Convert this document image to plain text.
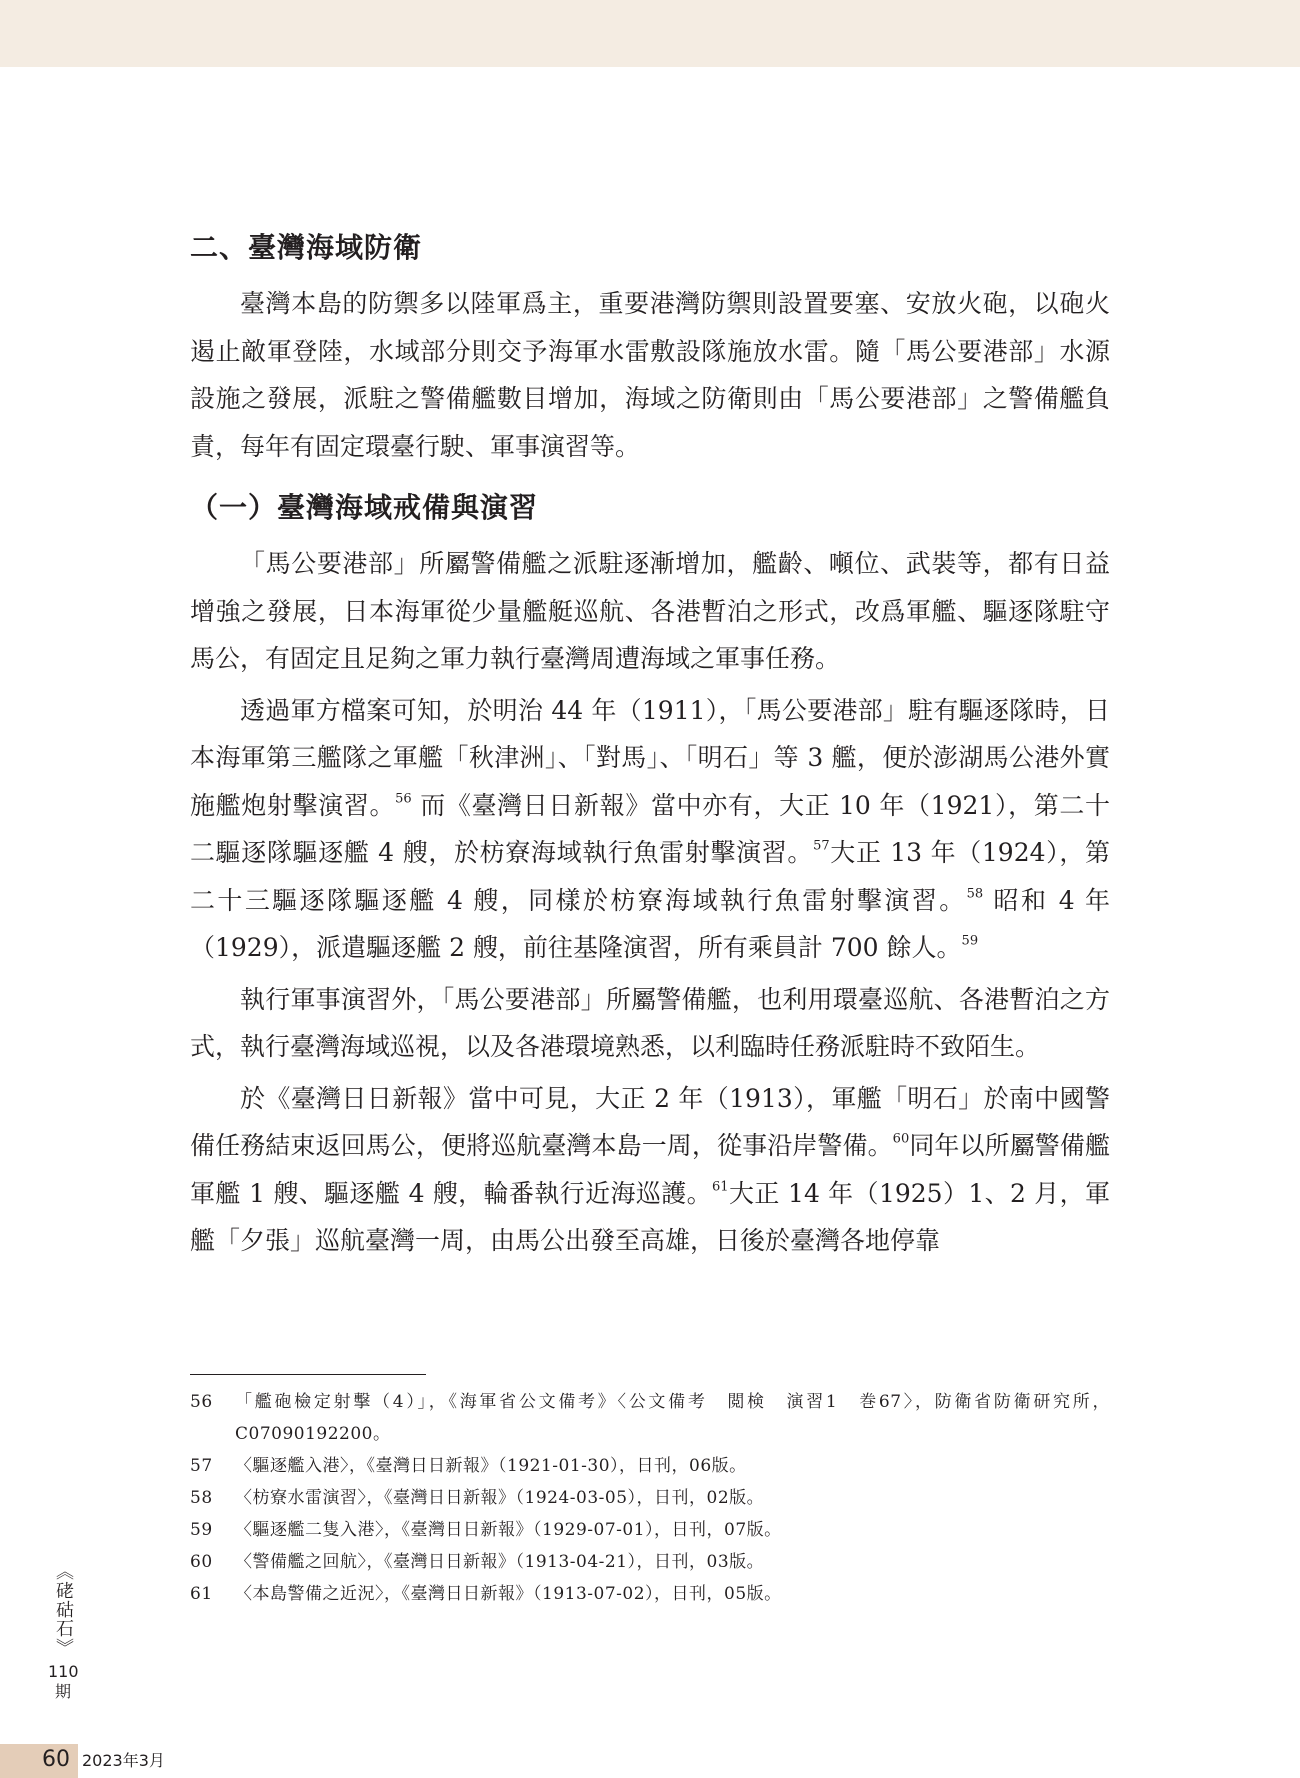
二、臺灣海域防衛

臺灣本島的防禦多以陸軍爲主，重要港灣防禦則設置要塞、安放火砲，以砲火遏止敵軍登陸，水域部分則交予海軍水雷敷設隊施放水雷。隨「馬公要港部」水源設施之發展，派駐之警備艦數目增加，海域之防衛則由「馬公要港部」之警備艦負責，每年有固定環臺行駛、軍事演習等。

（一）臺灣海域戒備與演習

「馬公要港部」所屬警備艦之派駐逐漸增加，艦齡、噸位、武裝等，都有日益增強之發展，日本海軍從少量艦艇巡航、各港暫泊之形式，改爲軍艦、驅逐隊駐守馬公，有固定且足夠之軍力執行臺灣周遭海域之軍事任務。

透過軍方檔案可知，於明治 44 年（1911），「馬公要港部」駐有驅逐隊時，日本海軍第三艦隊之軍艦「秋津洲」、「對馬」、「明石」等 3 艦，便於澎湖馬公港外實施艦炮射擊演習。$^{56}$ 而《臺灣日日新報》當中亦有，大正 10 年（1921），第二十二驅逐隊驅逐艦 4 艘，於枋寮海域執行魚雷射擊演習。$^{57}$大正 13 年（1924），第二十三驅逐隊驅逐艦 4 艘，同樣於枋寮海域執行魚雷射擊演習。$^{58}$ 昭和 4 年（1929），派遣驅逐艦 2 艘，前往基隆演習，所有乘員計 700 餘人。$^{59}$

執行軍事演習外，「馬公要港部」所屬警備艦，也利用環臺巡航、各港暫泊之方式，執行臺灣海域巡視，以及各港環境熟悉，以利臨時任務派駐時不致陌生。

於《臺灣日日新報》當中可見，大正 2 年（1913），軍艦「明石」於南中國警備任務結束返回馬公，便將巡航臺灣本島一周，從事沿岸警備。$^{60}$同年以所屬警備艦軍艦 1 艘、驅逐艦 4 艘，輪番執行近海巡護。$^{61}$大正 14 年（1925）1、2 月，軍艦「夕張」巡航臺灣一周，由馬公出發至高雄，日後於臺灣各地停靠

56	「艦砲檢定射擊（4）」，《海軍省公文備考》〈公文備考　閲検　演習1　巻67〉，防衛省防衛研究所，C07090192200。
57	〈驅逐艦入港〉，《臺灣日日新報》（1921-01-30），日刊，06版。
58	〈枋寮水雷演習〉，《臺灣日日新報》（1924-03-05），日刊，02版。
59	〈驅逐艦二隻入港〉，《臺灣日日新報》（1929-07-01），日刊，07版。
60	〈警備艦之回航〉，《臺灣日日新報》（1913-04-21），日刊，03版。
61	〈本島警備之近況〉，《臺灣日日新報》（1913-07-02），日刊，05版。
《硓𥑮石》
110
期
60 2023年3月
